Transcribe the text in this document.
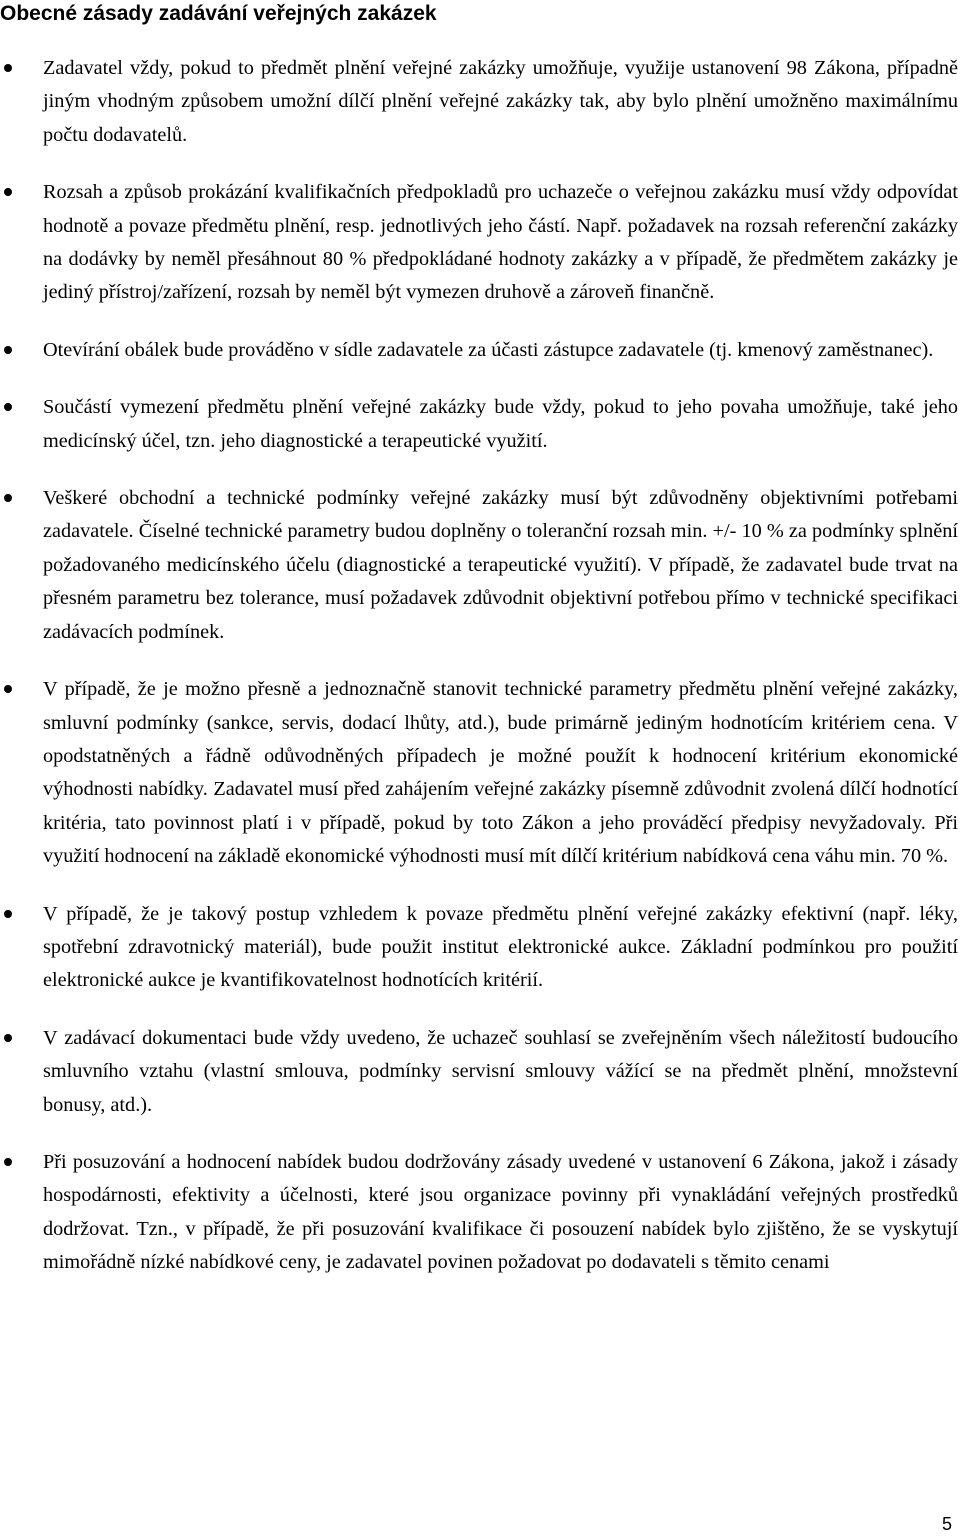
Obecné zásady zadávání veřejných zakázek
Zadavatel vždy, pokud to předmět plnění veřejné zakázky umožňuje, využije ustanovení 98 Zákona, případně jiným vhodným způsobem umožní dílčí plnění veřejné zakázky tak, aby bylo plnění umožněno maximálnímu počtu dodavatelů.
Rozsah a způsob prokázání kvalifikačních předpokladů pro uchazeče o veřejnou zakázku musí vždy odpovídat hodnotě a povaze předmětu plnění, resp. jednotlivých jeho částí. Např. požadavek na rozsah referenční zakázky na dodávky by neměl přesáhnout 80 % předpokládané hodnoty zakázky a v případě, že předmětem zakázky je jediný přístroj/zařízení, rozsah by neměl být vymezen druhově a zároveň finančně.
Otevírání obálek bude prováděno v sídle zadavatele za účasti zástupce zadavatele (tj. kmenový zaměstnanec).
Součástí vymezení předmětu plnění veřejné zakázky bude vždy, pokud to jeho povaha umožňuje, také jeho medicínský účel, tzn. jeho diagnostické a terapeutické využití.
Veškeré obchodní a technické podmínky veřejné zakázky musí být zdůvodněny objektivními potřebami zadavatele. Číselné technické parametry budou doplněny o toleranční rozsah min. +/- 10 % za podmínky splnění požadovaného medicínského účelu (diagnostické a terapeutické využití). V případě, že zadavatel bude trvat na přesném parametru bez tolerance, musí požadavek zdůvodnit objektivní potřebou přímo v technické specifikaci zadávacích podmínek.
V případě, že je možno přesně a jednoznačně stanovit technické parametry předmětu plnění veřejné zakázky, smluvní podmínky (sankce, servis, dodací lhůty, atd.), bude primárně jediným hodnotícím kritériem cena. V opodstatněných a řádně odůvodněných případech je možné použít k hodnocení kritérium ekonomické výhodnosti nabídky. Zadavatel musí před zahájením veřejné zakázky písemně zdůvodnit zvolená dílčí hodnotící kritéria, tato povinnost platí i v případě, pokud by toto Zákon a jeho prováděcí předpisy nevyžadovaly. Při využití hodnocení na základě ekonomické výhodnosti musí mít dílčí kritérium nabídková cena váhu min. 70 %.
V případě, že je takový postup vzhledem k povaze předmětu plnění veřejné zakázky efektivní (např. léky, spotřební zdravotnický materiál), bude použit institut elektronické aukce. Základní podmínkou pro použití elektronické aukce je kvantifikovatelnost hodnotících kritérií.
V zadávací dokumentaci bude vždy uvedeno, že uchazeč souhlasí se zveřejněním všech náležitostí budoucího smluvního vztahu (vlastní smlouva, podmínky servisní smlouvy vážící se na předmět plnění, množstevní bonusy, atd.).
Při posuzování a hodnocení nabídek budou dodržovány zásady uvedené v ustanovení 6 Zákona, jakož i zásady hospodárnosti, efektivity a účelnosti, které jsou organizace povinny při vynakládání veřejných prostředků dodržovat. Tzn., v případě, že při posuzování kvalifikace či posouzení nabídek bylo zjištěno, že se vyskytují mimořádně nízké nabídkové ceny, je zadavatel povinen požadovat po dodavateli s těmito cenami
5
